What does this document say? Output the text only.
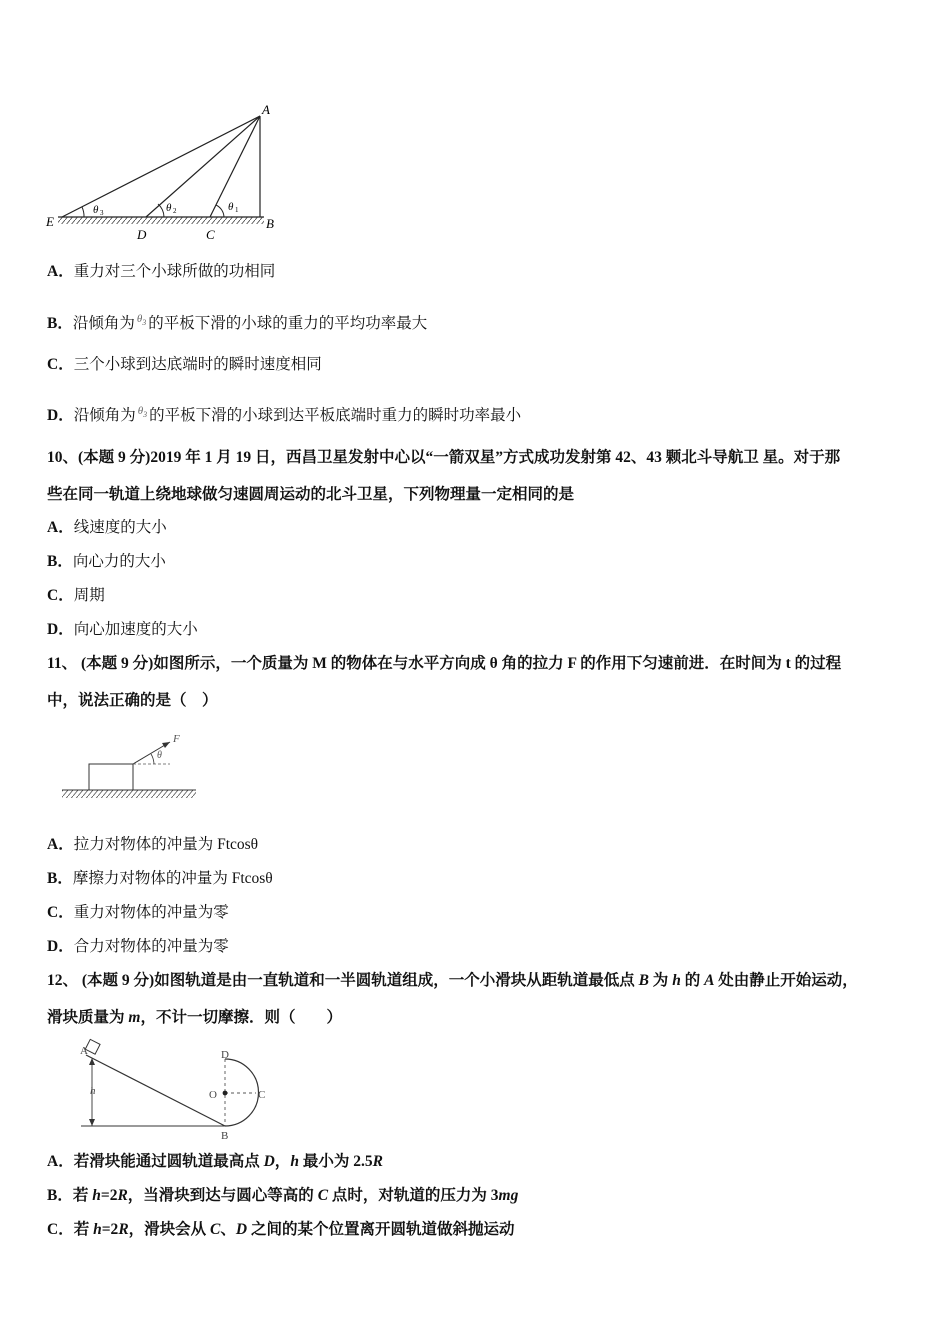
A
B
C
D
E
θ 3	θ 2	θ 1
A．重力对三个小球所做的功相同
B．沿倾角为 $\theta_3$ 的平板下滑的小球的重力的平均功率最大
C．三个小球到达底端时的瞬时速度相同
D．沿倾角为 $\theta_3$ 的平板下滑的小球到达平板底端时重力的瞬时功率最小
10、(本题 9 分)2019 年 1 月 19 日，西昌卫星发射中心以“一箭双星”方式成功发射第 42、43 颗北斗导航卫 星。对于那
些在同一轨道上绕地球做匀速圆周运动的北斗卫星，下列物理量一定相同的是
A．线速度的大小
B．向心力的大小
C．周期
D．向心加速度的大小
11、 (本题 9 分)如图所示，一个质量为 M 的物体在与水平方向成 θ 角的拉力 F 的作用下匀速前进．在时间为 t 的过程
中，说法正确的是（　）
F
θ
A．拉力对物体的冲量为 Ftcosθ
B．摩擦力对物体的冲量为 Ftcosθ
C．重力对物体的冲量为零
D．合力对物体的冲量为零
12、 (本题 9 分)如图轨道是由一直轨道和一半圆轨道组成，一个小滑块从距轨道最低点 B 为 h 的 A 处由静止开始运动，
滑块质量为 m，不计一切摩擦．则（　　）
A
h
B
D
O	C
A．若滑块能通过圆轨道最高点 D，h 最小为 2.5R
B．若 h=2R，当滑块到达与圆心等高的 C 点时，对轨道的压力为 3mg
C．若 h=2R，滑块会从 C、D 之间的某个位置离开圆轨道做斜抛运动
